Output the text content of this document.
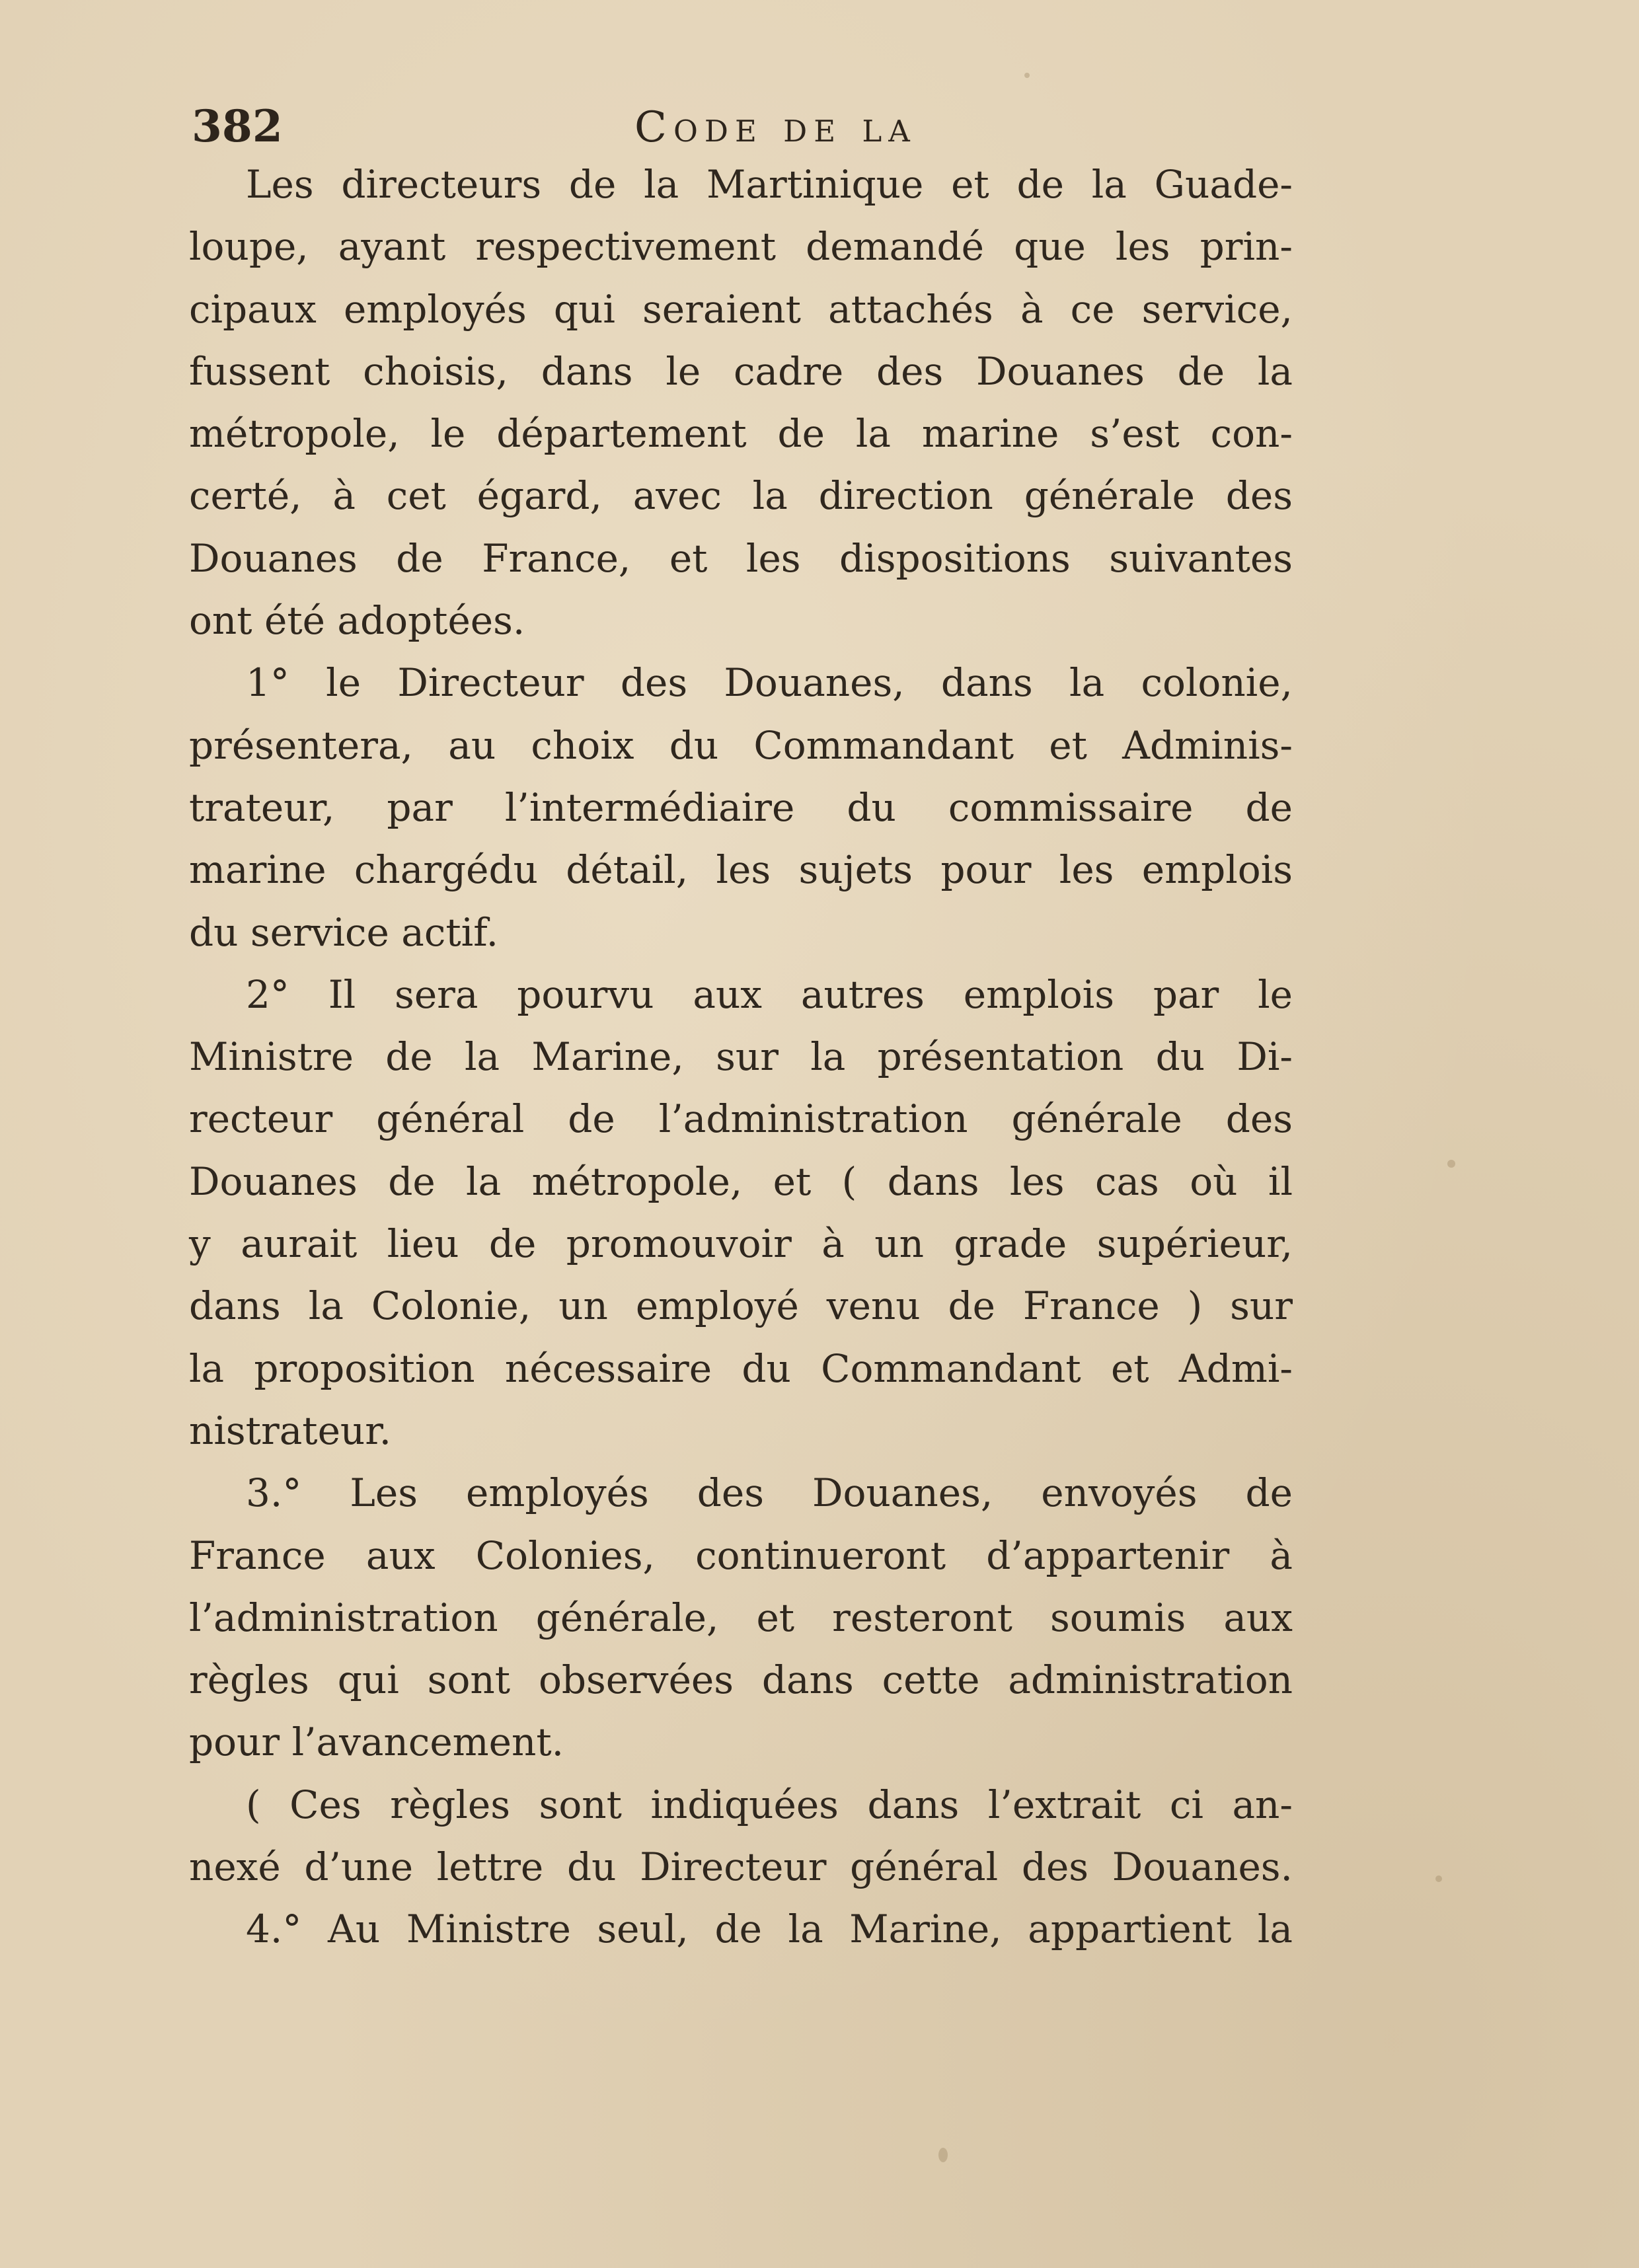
382	Code de la
Les directeurs de la Martinique et de la Guade-
loupe, ayant respectivement demandé que les prin-
cipaux employés qui seraient attachés à ce service,
fussent choisis, dans le cadre des Douanes de la
métropole, le département de la marine s’est con-
certé, à cet égard, avec la direction générale des
Douanes de France, et les dispositions suivantes
ont été adoptées.
1° le Directeur des Douanes, dans la colonie,
présentera, au choix du Commandant et Adminis-
trateur, par l’intermédiaire du commissaire de
marine chargédu détail, les sujets pour les emplois
du service actif.
2° Il sera pourvu aux autres emplois par le
Ministre de la Marine, sur la présentation du Di-
recteur général de l’administration générale des
Douanes de la métropole, et ( dans les cas où il
y aurait lieu de promouvoir à un grade supérieur,
dans la Colonie, un employé venu de France ) sur
la proposition nécessaire du Commandant et Admi-
nistrateur.
3.° Les employés des Douanes, envoyés de
France aux Colonies, continueront d’appartenir à
l’administration générale, et resteront soumis aux
règles qui sont observées dans cette administration
pour l’avancement.
( Ces règles sont indiquées dans l’extrait ci an-
nexé d’une lettre du Directeur général des Douanes.
4.° Au Ministre seul, de la Marine, appartient la
